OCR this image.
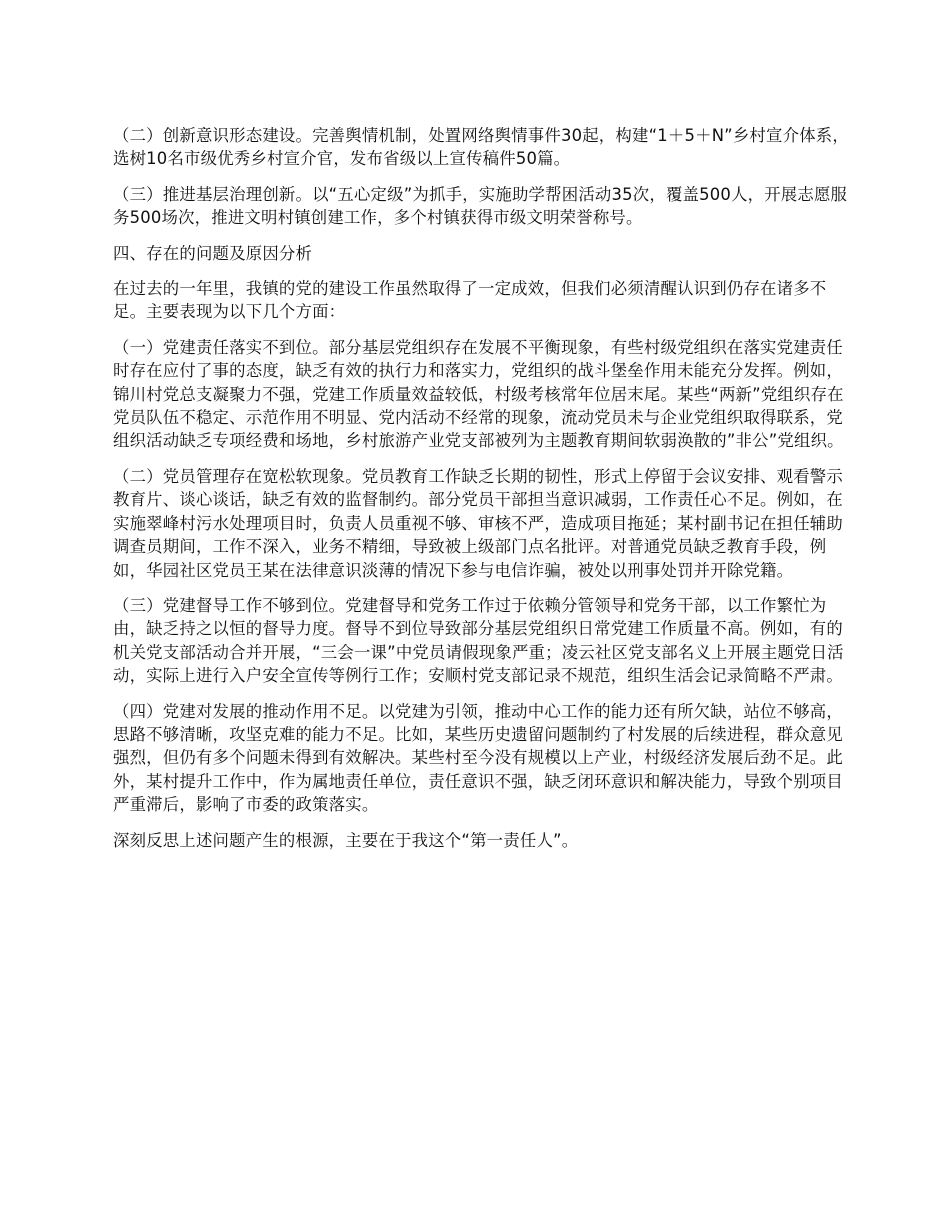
（二）创新意识形态建设。完善舆情机制，处置网络舆情事件30起，构建“1＋5＋N”乡村宣介体系，选树10名市级优秀乡村宣介官，发布省级以上宣传稿件50篇。

（三）推进基层治理创新。以“五心定级”为抓手，实施助学帮困活动35次，覆盖500人，开展志愿服务500场次，推进文明村镇创建工作，多个村镇获得市级文明荣誉称号。

四、存在的问题及原因分析

在过去的一年里，我镇的党的建设工作虽然取得了一定成效，但我们必须清醒认识到仍存在诸多不足。主要表现为以下几个方面：

（一）党建责任落实不到位。部分基层党组织存在发展不平衡现象，有些村级党组织在落实党建责任时存在应付了事的态度，缺乏有效的执行力和落实力，党组织的战斗堡垒作用未能充分发挥。例如，锦川村党总支凝聚力不强，党建工作质量效益较低，村级考核常年位居末尾。某些“两新”党组织存在党员队伍不稳定、示范作用不明显、党内活动不经常的现象，流动党员未与企业党组织取得联系，党组织活动缺乏专项经费和场地，乡村旅游产业党支部被列为主题教育期间软弱涣散的”非公”党组织。

（二）党员管理存在宽松软现象。党员教育工作缺乏长期的韧性，形式上停留于会议安排、观看警示教育片、谈心谈话，缺乏有效的监督制约。部分党员干部担当意识减弱，工作责任心不足。例如，在实施翠峰村污水处理项目时，负责人员重视不够、审核不严，造成项目拖延；某村副书记在担任辅助调查员期间，工作不深入，业务不精细，导致被上级部门点名批评。对普通党员缺乏教育手段，例如，华园社区党员王某在法律意识淡薄的情况下参与电信诈骗，被处以刑事处罚并开除党籍。

（三）党建督导工作不够到位。党建督导和党务工作过于依赖分管领导和党务干部，以工作繁忙为由，缺乏持之以恒的督导力度。督导不到位导致部分基层党组织日常党建工作质量不高。例如，有的机关党支部活动合并开展，“三会一课”中党员请假现象严重；凌云社区党支部名义上开展主题党日活动，实际上进行入户安全宣传等例行工作；安顺村党支部记录不规范，组织生活会记录简略不严肃。

（四）党建对发展的推动作用不足。以党建为引领，推动中心工作的能力还有所欠缺，站位不够高，思路不够清晰，攻坚克难的能力不足。比如，某些历史遗留问题制约了村发展的后续进程，群众意见强烈，但仍有多个问题未得到有效解决。某些村至今没有规模以上产业，村级经济发展后劲不足。此外，某村提升工作中，作为属地责任单位，责任意识不强，缺乏闭环意识和解决能力，导致个别项目严重滞后，影响了市委的政策落实。

深刻反思上述问题产生的根源，主要在于我这个“第一责任人”。
